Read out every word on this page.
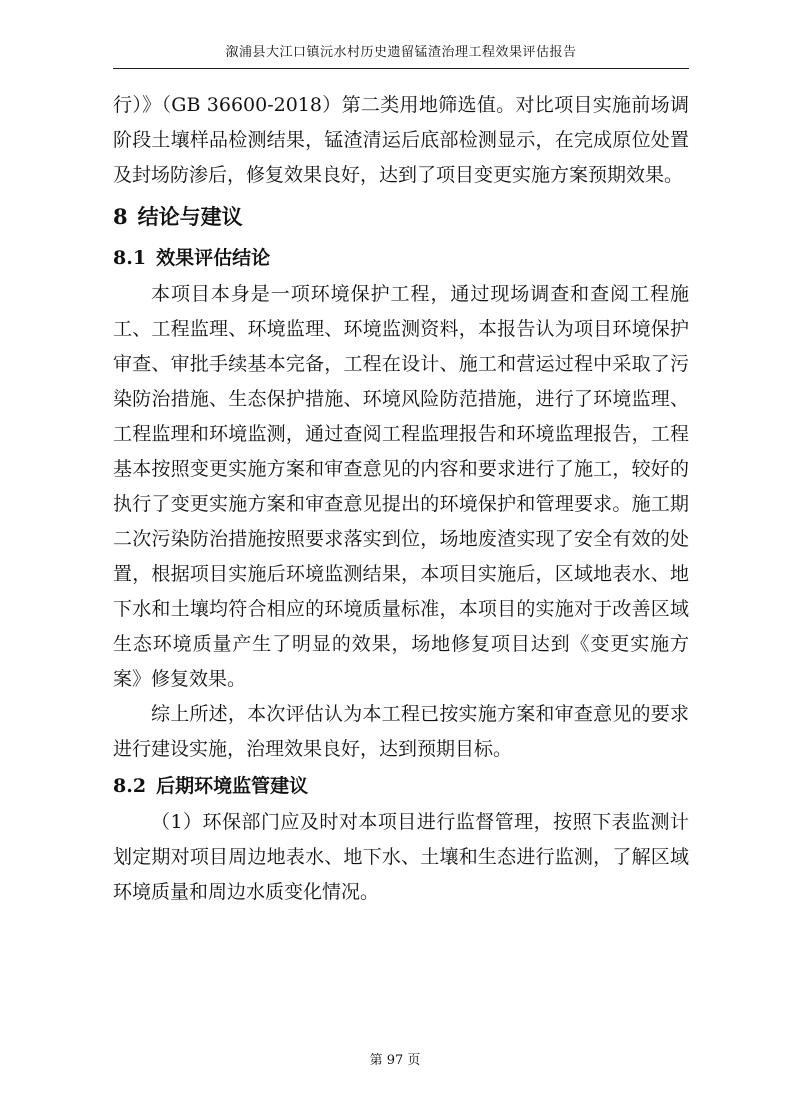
溆浦县大江口镇沅水村历史遗留锰渣治理工程效果评估报告

行）》（GB 36600-2018）第二类用地筛选值。对比项目实施前场调阶段土壤样品检测结果，锰渣清运后底部检测显示，在完成原位处置及封场防渗后，修复效果良好，达到了项目变更实施方案预期效果。

8 结论与建议
8.1 效果评估结论

本项目本身是一项环境保护工程，通过现场调查和查阅工程施工、工程监理、环境监理、环境监测资料，本报告认为项目环境保护审查、审批手续基本完备，工程在设计、施工和营运过程中采取了污染防治措施、生态保护措施、环境风险防范措施，进行了环境监理、工程监理和环境监测，通过查阅工程监理报告和环境监理报告，工程基本按照变更实施方案和审查意见的内容和要求进行了施工，较好的执行了变更实施方案和审查意见提出的环境保护和管理要求。施工期二次污染防治措施按照要求落实到位，场地废渣实现了安全有效的处置，根据项目实施后环境监测结果，本项目实施后，区域地表水、地下水和土壤均符合相应的环境质量标准，本项目的实施对于改善区域生态环境质量产生了明显的效果，场地修复项目达到《变更实施方案》修复效果。

综上所述，本次评估认为本工程已按实施方案和审查意见的要求进行建设实施，治理效果良好，达到预期目标。

8.2 后期环境监管建议

（1）环保部门应及时对本项目进行监督管理，按照下表监测计划定期对项目周边地表水、地下水、土壤和生态进行监测，了解区域环境质量和周边水质变化情况。

第 97 页
